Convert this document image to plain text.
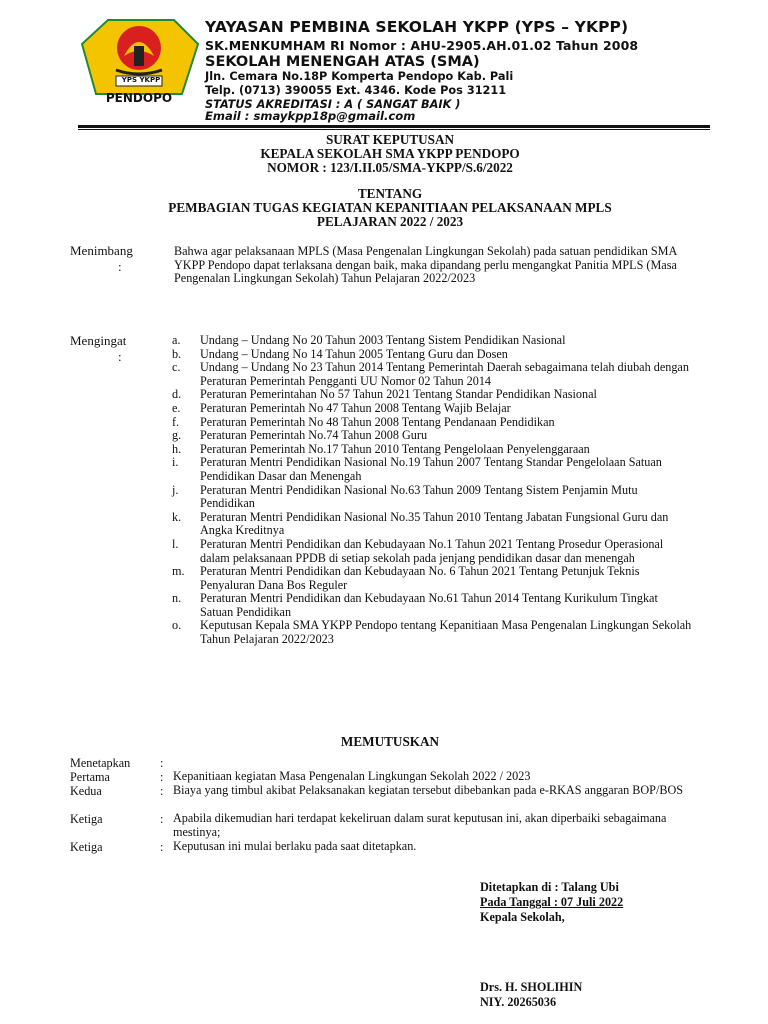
YPS YKPP
PENDOPO
YAYASAN PEMBINA SEKOLAH YKPP (YPS – YKPP)
SK.MENKUMHAM RI Nomor : AHU-2905.AH.01.02 Tahun 2008
SEKOLAH MENENGAH ATAS (SMA)
Jln. Cemara No.18P Komperta Pendopo Kab. Pali
Telp. (0713) 390055 Ext. 4346. Kode Pos 31211
STATUS AKREDITASI : A ( SANGAT BAIK )
Email : smaykpp18p@gmail.com
SURAT KEPUTUSAN
KEPALA SEKOLAH SMA YKPP PENDOPO
NOMOR : 123/I.II.05/SMA-YKPP/S.6/2022
TENTANG
PEMBAGIAN TUGAS KEGIATAN KEPANITIAAN PELAKSANAAN MPLS
PELAJARAN 2022 / 2023
Menimbang
:
Bahwa agar pelaksanaan MPLS (Masa Pengenalan Lingkungan Sekolah) pada satuan pendidikan SMA YKPP Pendopo dapat terlaksana dengan baik, maka dipandang perlu mengangkat Panitia MPLS (Masa Pengenalan Lingkungan Sekolah) Tahun Pelajaran 2022/2023
Mengingat
:
a. Undang – Undang No 20 Tahun 2003 Tentang Sistem Pendidikan Nasional
b. Undang – Undang No 14 Tahun 2005 Tentang Guru dan Dosen
c. Undang – Undang No 23 Tahun 2014 Tentang Pemerintah Daerah sebagaimana telah diubah dengan Peraturan Pemerintah Pengganti UU Nomor 02 Tahun 2014
d. Peraturan Pemerintahan No 57 Tahun 2021 Tentang Standar Pendidikan Nasional
e. Peraturan Pemerintah No 47 Tahun 2008 Tentang Wajib Belajar
f. Peraturan Pemerintah No 48 Tahun 2008 Tentang Pendanaan Pendidikan
g. Peraturan Pemerintah No.74 Tahun 2008 Guru
h. Peraturan Pemerintah No.17 Tahun 2010 Tentang Pengelolaan Penyelenggaraan
i. Peraturan Mentri Pendidikan Nasional No.19 Tahun 2007 Tentang Standar Pengelolaan Satuan Pendidikan Dasar dan Menengah
j. Peraturan Mentri Pendidikan Nasional No.63 Tahun 2009 Tentang Sistem Penjamin Mutu Pendidikan
k. Peraturan Mentri Pendidikan Nasional No.35 Tahun 2010 Tentang Jabatan Fungsional Guru dan Angka Kreditnya
l. Peraturan Mentri Pendidikan dan Kebudayaan No.1 Tahun 2021 Tentang Prosedur Operasional dalam pelaksanaan PPDB di setiap sekolah pada jenjang pendidikan dasar dan menengah
m. Peraturan Mentri Pendidikan dan Kebudayaan No. 6 Tahun 2021 Tentang Petunjuk Teknis Penyaluran Dana Bos Reguler
n. Peraturan Mentri Pendidikan dan Kebudayaan No.61 Tahun 2014 Tentang Kurikulum Tingkat Satuan Pendidikan
o. Keputusan Kepala SMA YKPP Pendopo tentang Kepanitiaan Masa Pengenalan Lingkungan Sekolah Tahun Pelajaran 2022/2023
MEMUTUSKAN
Menetapkan :
Pertama	: Kepanitiaan kegiatan Masa Pengenalan Lingkungan Sekolah 2022 / 2023
Kedua	: Biaya yang timbul akibat Pelaksanakan kegiatan tersebut dibebankan pada e-RKAS anggaran BOP/BOS
Ketiga	: Apabila dikemudian hari terdapat kekeliruan dalam surat keputusan ini, akan diperbaiki sebagaimana mestinya;
Ketiga	: Keputusan ini mulai berlaku pada saat ditetapkan.
Ditetapkan di : Talang Ubi
Pada Tanggal : 07 Juli 2022
Kepala Sekolah,
Drs. H. SHOLIHIN
NIY. 20265036
